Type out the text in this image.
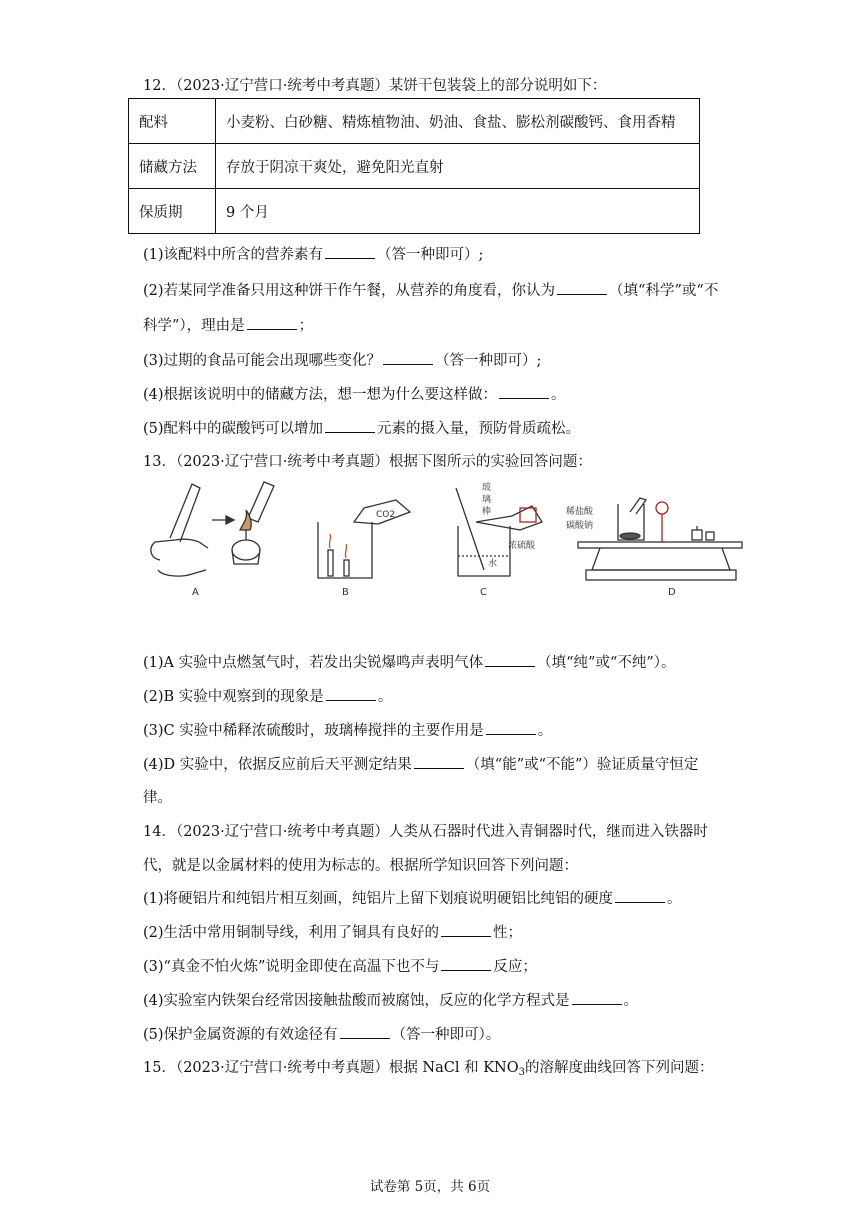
12．（2023·辽宁营口·统考中考真题）某饼干包装袋上的部分说明如下：
配料	小麦粉、白砂糖、精炼植物油、奶油、食盐、膨松剂碳酸钙、食用香精
储藏方法	存放于阴凉干爽处，避免阳光直射
保质期	9 个月
(1)该配料中所含的营养素有	（答一种即可）;
(2)若某同学准备只用这种饼干作午餐，从营养的角度看，你认为	（填“科学”或“不
科学”），理由是	；
(3)过期的食品可能会出现哪些变化？	（答一种即可）;
(4)根据该说明中的储藏方法，想一想为什么要这样做：	。
(5)配料中的碳酸钙可以增加	元素的摄入量，预防骨质疏松。
13．（2023·辽宁营口·统考中考真题）根据下图所示的实验回答问题：
A
CO2
B
玻
璃
棒
浓硫酸
水
C
稀盐酸
碳酸钠
D
(1)A 实验中点燃氢气时，若发出尖锐爆鸣声表明气体	（填“纯”或“不纯”）。
(2)B 实验中观察到的现象是	。
(3)C 实验中稀释浓硫酸时，玻璃棒搅拌的主要作用是	。
(4)D 实验中，依据反应前后天平测定结果	（填“能”或“不能”）验证质量守恒定
律。
14．（2023·辽宁营口·统考中考真题）人类从石器时代进入青铜器时代，继而进入铁器时
代，就是以金属材料的使用为标志的。根据所学知识回答下列问题：
(1)将硬铝片和纯铝片相互刻画，纯铝片上留下划痕说明硬铝比纯铝的硬度	。
(2)生活中常用铜制导线，利用了铜具有良好的	性；
(3)“真金不怕火炼”说明金即使在高温下也不与	反应；
(4)实验室内铁架台经常因接触盐酸而被腐蚀，反应的化学方程式是	。
(5)保护金属资源的有效途径有	（答一种即可）。
15．（2023·辽宁营口·统考中考真题）根据 NaCl 和 $KNO_3$的溶解度曲线回答下列问题：
试卷第 5页，共 6页
